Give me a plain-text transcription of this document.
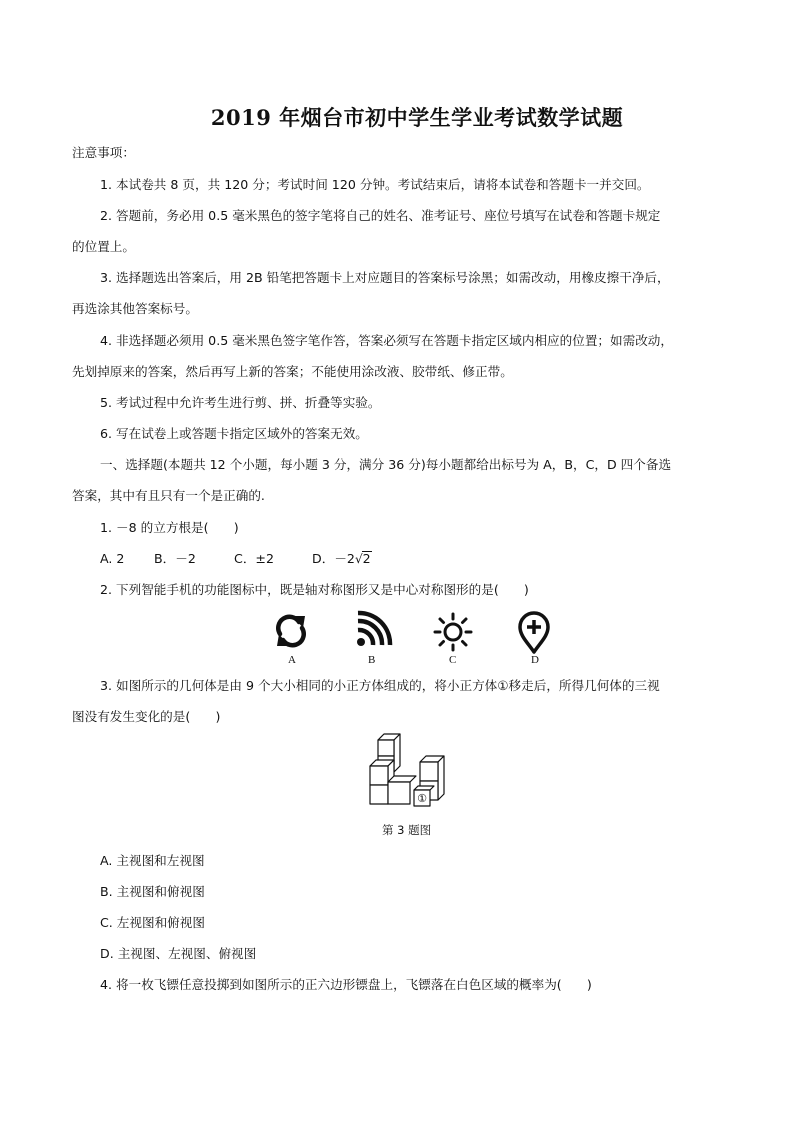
2019 年烟台市初中学生学业考试数学试题
注意事项：
1. 本试卷共 8 页，共 120 分；考试时间 120 分钟。考试结束后，请将本试卷和答题卡一并交回。
2. 答题前，务必用 0.5 毫米黑色的签字笔将自己的姓名、准考证号、座位号填写在试卷和答题卡规定
的位置上。
3. 选择题选出答案后，用 2B 铅笔把答题卡上对应题目的答案标号涂黑；如需改动，用橡皮擦干净后，
再选涂其他答案标号。
4. 非选择题必须用 0.5 毫米黑色签字笔作答，答案必须写在答题卡指定区域内相应的位置；如需改动，
先划掉原来的答案，然后再写上新的答案；不能使用涂改液、胶带纸、修正带。
5. 考试过程中允许考生进行剪、拼、折叠等实验。
6. 写在试卷上或答题卡指定区域外的答案无效。
一、选择题(本题共 12 个小题，每小题 3 分，满分 36 分)每小题都给出标号为 A，B，C，D 四个备选
答案，其中有且只有一个是正确的.
1. －8 的立方根是(　　)
A. 2 B．－2	C．±2	D．－2√2
2. 下列智能手机的功能图标中，既是轴对称图形又是中心对称图形的是(　　)
A	B	C	D
3. 如图所示的几何体是由 9 个大小相同的小正方体组成的，将小正方体①移走后，所得几何体的三视
图没有发生变化的是(　　)
①
第 3 题图
A. 主视图和左视图
B. 主视图和俯视图
C. 左视图和俯视图
D. 主视图、左视图、俯视图
4. 将一枚飞镖任意投掷到如图所示的正六边形镖盘上，飞镖落在白色区域的概率为(　　)
